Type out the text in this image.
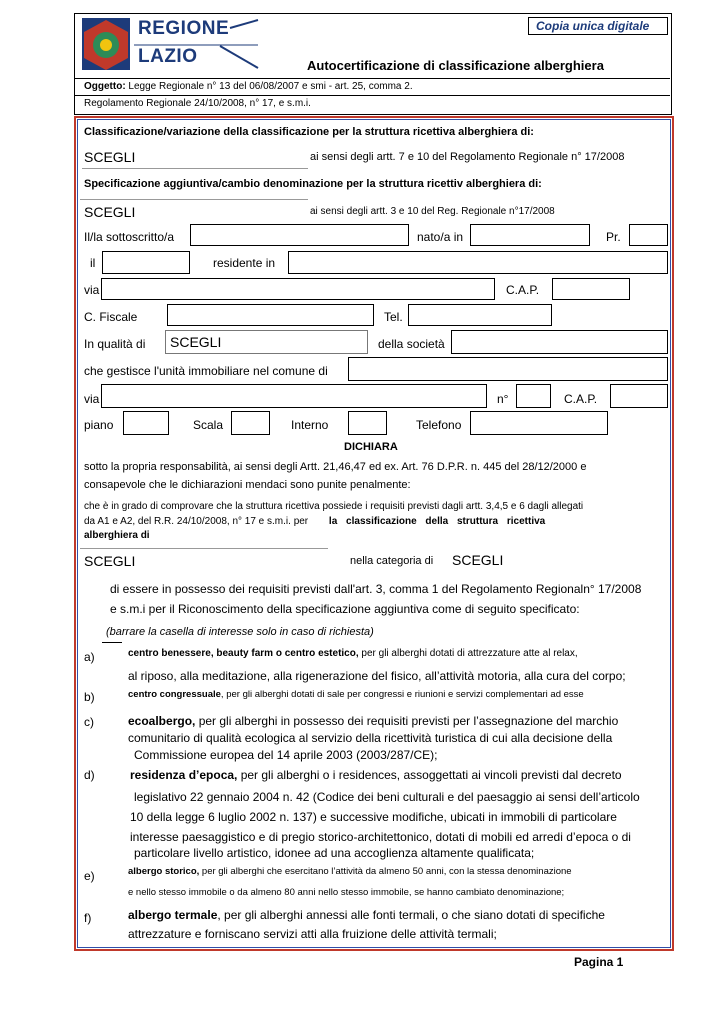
REGIONE
LAZIO
Copia unica digitale
Autocertificazione di classificazione alberghiera
Oggetto: Legge Regionale n° 13 del 06/08/2007 e smi - art. 25, comma 2.
Regolamento Regionale 24/10/2008, n° 17, e s.m.i.
Classificazione/variazione della classificazione per la struttura ricettiva alberghiera di:
SCEGLI	ai sensi degli artt. 7 e 10 del Regolamento Regionale n° 17/2008
Specificazione aggiuntiva/cambio denominazione per la struttura ricettiv alberghiera di:
SCEGLI	ai sensi degli artt. 3 e 10 del Reg. Regionale n°17/2008
Il/la sottoscritto/a	nato/a in	Pr.
il	residente in
via	C.A.P.
C. Fiscale	Tel.
In qualità di SCEGLI	della società
che gestisce l'unità immobiliare nel comune di
via	n°	C.A.P.
piano	Scala	Interno	Telefono
DICHIARA
sotto la propria responsabilità, ai sensi degli Artt. 21,46,47 ed ex. Art. 76 D.P.R. n. 445 del 28/12/2000 e
consapevole che le dichiarazioni mendaci sono punite penalmente:
che è in grado di comprovare che la struttura ricettiva possiede i requisiti previsti dagli artt. 3,4,5 e 6 dagli allegati
da A1 e A2, del R.R. 24/10/2008, n° 17 e s.m.i. per la classificazione della struttura ricettiva
alberghiera di
SCEGLI	nella categoria di SCEGLI
di essere in possesso dei requisiti previsti dall'art. 3, comma 1 del Regolamento Regionaln° 17/2008
e s.m.i per il Riconoscimento della specificazione aggiuntiva come di seguito specificato:
(barrare la casella di interesse solo in caso di richiesta)
a)	centro benessere, beauty farm o centro estetico, per gli alberghi dotati di attrezzature atte al relax,
al riposo, alla meditazione, alla rigenerazione del fisico, all’attività motoria, alla cura del corpo;
b)	centro congressuale, per gli alberghi dotati di sale per congressi e riunioni e servizi complementari ad esse
c)	ecoalbergo, per gli alberghi in possesso dei requisiti previsti per l’assegnazione del marchio
comunitario di qualità ecologica al servizio della ricettività turistica di cui alla decisione della
Commissione europea del 14 aprile 2003 (2003/287/CE);
d)	residenza d’epoca, per gli alberghi o i residences, assoggettati ai vincoli previsti dal decreto
legislativo 22 gennaio 2004 n. 42 (Codice dei beni culturali e del paesaggio ai sensi dell’articolo
10 della legge 6 luglio 2002 n. 137) e successive modifiche, ubicati in immobili di particolare
interesse paesaggistico e di pregio storico-architettonico, dotati di mobili ed arredi d’epoca o di
particolare livello artistico, idonee ad una accoglienza altamente qualificata;
e)	albergo storico, per gli alberghi che esercitano l’attività da almeno 50 anni, con la stessa denominazione
e nello stesso immobile o da almeno 80 anni nello stesso immobile, se hanno cambiato denominazione;
f)	albergo termale, per gli alberghi annessi alle fonti termali, o che siano dotati di specifiche
attrezzature e forniscano servizi atti alla fruizione delle attività termali;
Pagina 1
